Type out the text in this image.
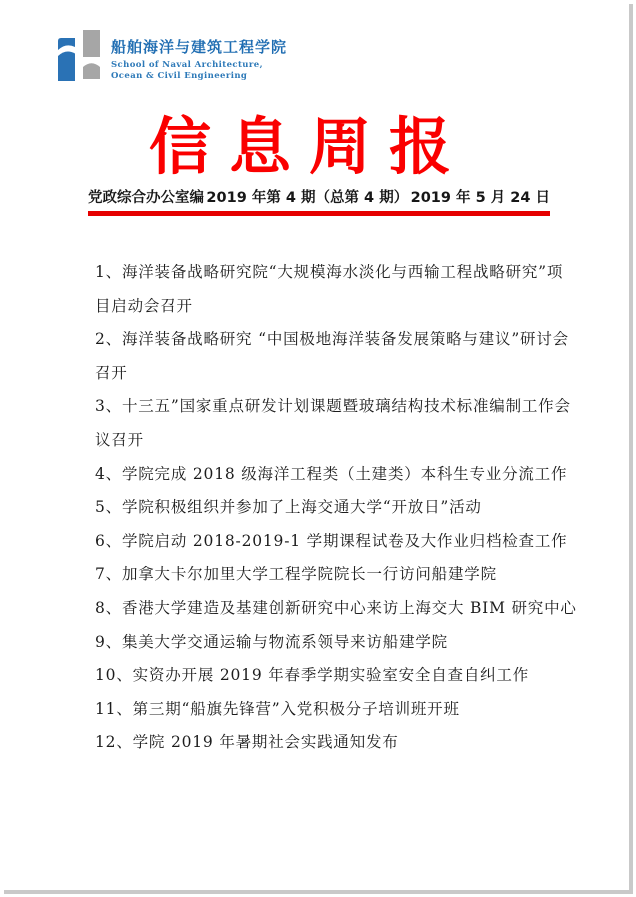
船舶海洋与建筑工程学院
School of Naval Architecture,
Ocean & Civil Engineering
信息周报
党政综合办公室编 2019 年第 4 期（总第 4 期） 2019 年 5 月 24 日
1、海洋装备战略研究院“大规模海水淡化与西输工程战略研究”项
目启动会召开
2、海洋装备战略研究 “中国极地海洋装备发展策略与建议”研讨会
召开
3、十三五”国家重点研发计划课题暨玻璃结构技术标准编制工作会
议召开
4、学院完成 2018 级海洋工程类（土建类）本科生专业分流工作
5、学院积极组织并参加了上海交通大学“开放日”活动
6、学院启动 2018-2019-1 学期课程试卷及大作业归档检查工作
7、加拿大卡尔加里大学工程学院院长一行访问船建学院
8、香港大学建造及基建创新研究中心来访上海交大 BIM 研究中心
9、集美大学交通运输与物流系领导来访船建学院
10、实资办开展 2019 年春季学期实验室安全自查自纠工作
11、第三期“船旗先锋营”入党积极分子培训班开班
12、学院 2019 年暑期社会实践通知发布
